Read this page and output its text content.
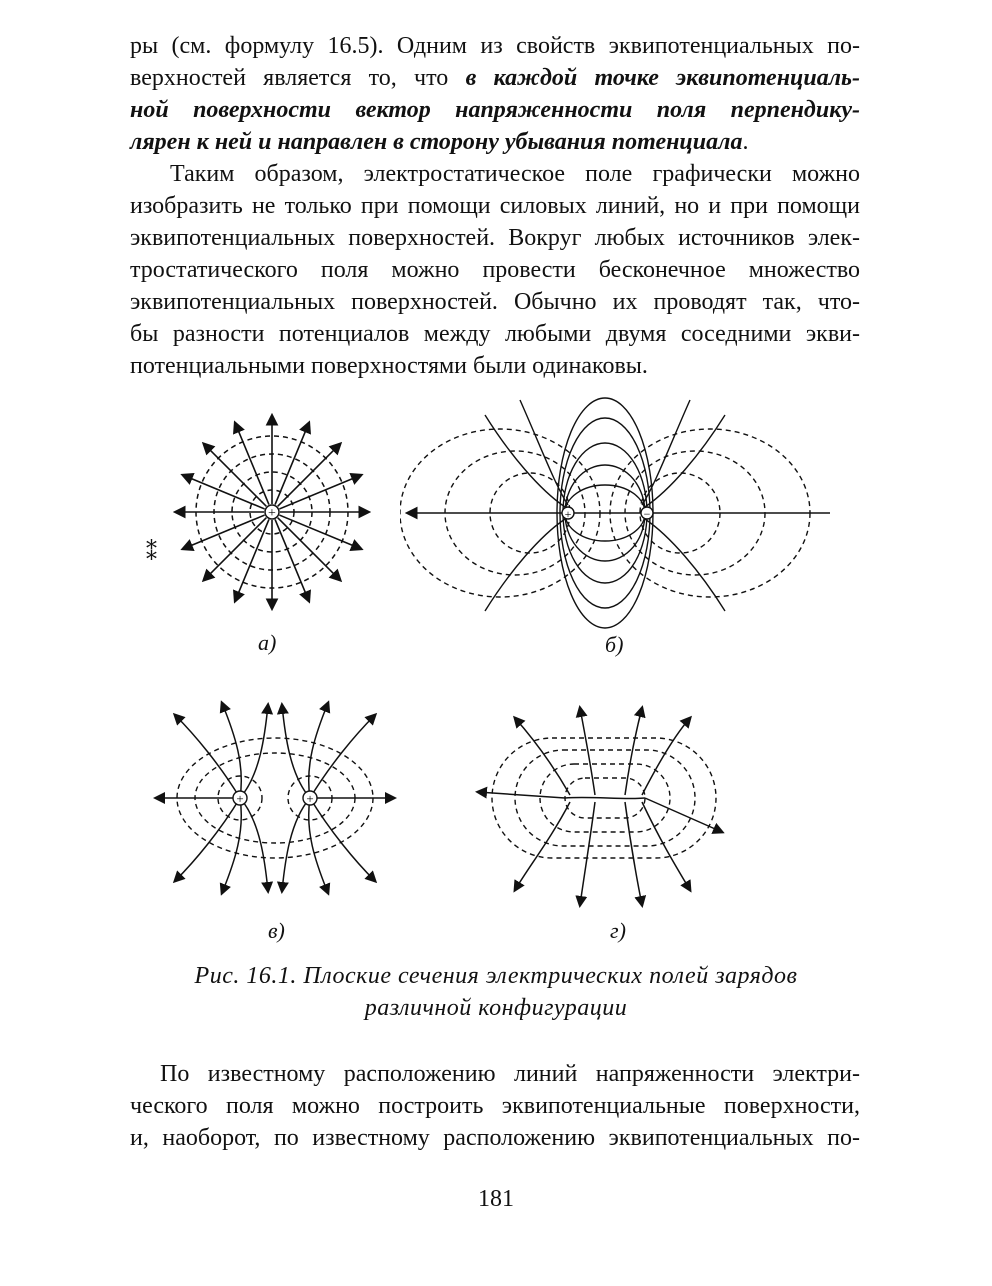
ры (см. формулу 16.5). Одним из свойств эквипотенциальных по-
верхностей является то, что в каждой точке эквипотенциаль-
ной поверхности вектор напряженности поля перпендику-
лярен к ней и направлен в сторону убывания потенциала.
Таким образом, электростатическое поле графически можно
изобразить не только при помощи силовых линий, но и при помощи
эквипотенциальных поверхностей. Вокруг любых источников элек-
тростатического поля можно провести бесконечное множество
эквипотенциальных поверхностей. Обычно их проводят так, что-
бы разности потенциалов между любыми двумя соседними экви-
потенциальными поверхностями были одинаковы.
+
а)
⁑
+	−
б)
+	+
в)	г)
Рис. 16.1. Плоские сечения электрических полей зарядов
различной конфигурации
По известному расположению линий напряженности электри-
ческого поля можно построить эквипотенциальные поверхности,
и, наоборот, по известному расположению эквипотенциальных по-
181
